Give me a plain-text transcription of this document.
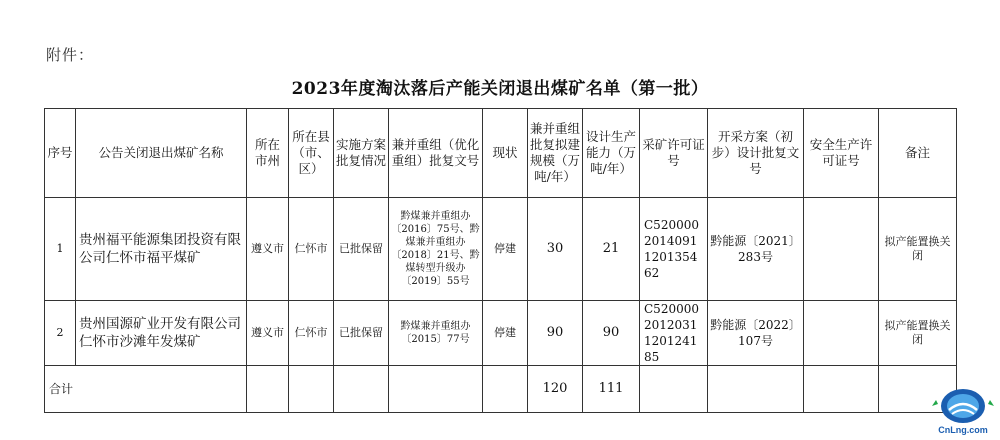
附件：
2023年度淘汰落后产能关闭退出煤矿名单（第一批）
序号	公告关闭退出煤矿名称	所在市州	所在县（市、区）	实施方案批复情况	兼并重组（优化重组）批复文号	现状	兼并重组批复拟建规模（万吨/年）	设计生产能力（万吨/年）	采矿许可证号	开采方案（初步）设计批复文号	安全生产许可证号	备注
1	贵州福平能源集团投资有限公司仁怀市福平煤矿	遵义市	仁怀市	已批保留	黔煤兼并重组办〔2016〕75号、黔煤兼并重组办〔2018〕21号、黔煤转型升级办〔2019〕55号	停建	30	21	C5200002014091120135462	黔能源〔2021〕283号		拟产能置换关闭
2	贵州国源矿业开发有限公司仁怀市沙滩年发煤矿	遵义市	仁怀市	已批保留	黔煤兼并重组办〔2015〕77号	停建	90	90	C5200002012031120124185	黔能源〔2022〕107号		拟产能置换关闭
合计							120	111				
CnLng.com
